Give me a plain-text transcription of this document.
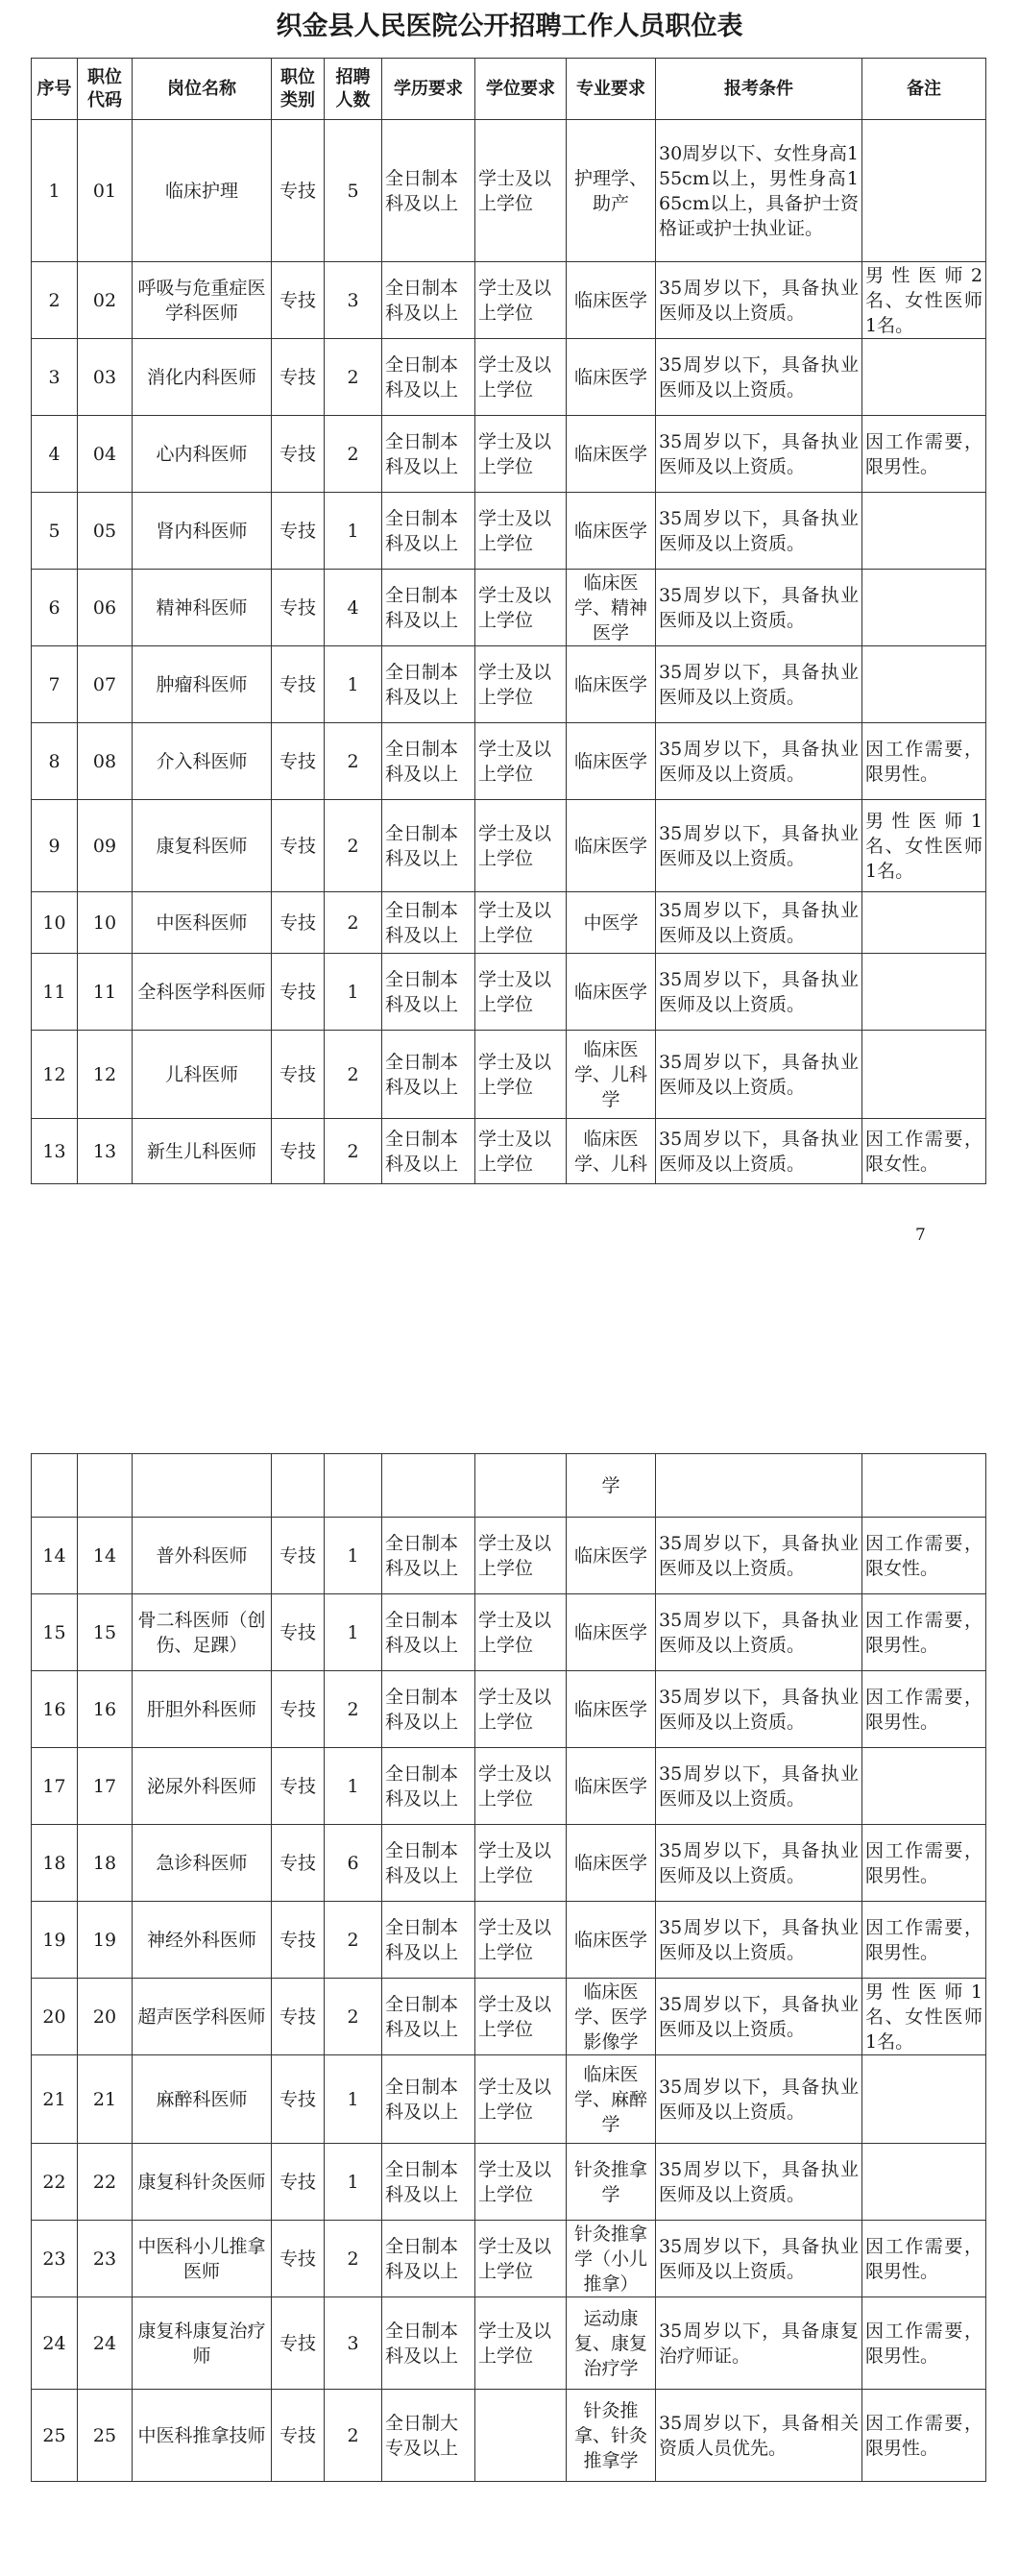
织金县人民医院公开招聘工作人员职位表
序号	职位代码	岗位名称	职位类别	招聘人数	学历要求	学位要求	专业要求	报考条件	备注
1	01	临床护理	专技	5	全日制本科及以上	学士及以上学位	护理学、助产	30周岁以下、女性身高155cm以上，男性身高165cm以上，具备护士资格证或护士执业证。	
2	02	呼吸与危重症医学科医师	专技	3	全日制本科及以上	学士及以上学位	临床医学	35周岁以下，具备执业医师及以上资质。	男性医师2名、女性医师1名。
3	03	消化内科医师	专技	2	全日制本科及以上	学士及以上学位	临床医学	35周岁以下，具备执业医师及以上资质。	
4	04	心内科医师	专技	2	全日制本科及以上	学士及以上学位	临床医学	35周岁以下，具备执业医师及以上资质。	因工作需要，限男性。
5	05	肾内科医师	专技	1	全日制本科及以上	学士及以上学位	临床医学	35周岁以下，具备执业医师及以上资质。	
6	06	精神科医师	专技	4	全日制本科及以上	学士及以上学位	临床医学、精神医学	35周岁以下，具备执业医师及以上资质。	
7	07	肿瘤科医师	专技	1	全日制本科及以上	学士及以上学位	临床医学	35周岁以下，具备执业医师及以上资质。	
8	08	介入科医师	专技	2	全日制本科及以上	学士及以上学位	临床医学	35周岁以下，具备执业医师及以上资质。	因工作需要，限男性。
9	09	康复科医师	专技	2	全日制本科及以上	学士及以上学位	临床医学	35周岁以下，具备执业医师及以上资质。	男性医师1名、女性医师1名。
10	10	中医科医师	专技	2	全日制本科及以上	学士及以上学位	中医学	35周岁以下，具备执业医师及以上资质。	
11	11	全科医学科医师	专技	1	全日制本科及以上	学士及以上学位	临床医学	35周岁以下，具备执业医师及以上资质。	
12	12	儿科医师	专技	2	全日制本科及以上	学士及以上学位	临床医学、儿科学	35周岁以下，具备执业医师及以上资质。	
13	13	新生儿科医师	专技	2	全日制本科及以上	学士及以上学位	临床医学、儿科	35周岁以下，具备执业医师及以上资质。	因工作需要，限女性。
7
							学		
14	14	普外科医师	专技	1	全日制本科及以上	学士及以上学位	临床医学	35周岁以下，具备执业医师及以上资质。	因工作需要，限女性。
15	15	骨二科医师（创伤、足踝）	专技	1	全日制本科及以上	学士及以上学位	临床医学	35周岁以下，具备执业医师及以上资质。	因工作需要，限男性。
16	16	肝胆外科医师	专技	2	全日制本科及以上	学士及以上学位	临床医学	35周岁以下，具备执业医师及以上资质。	因工作需要，限男性。
17	17	泌尿外科医师	专技	1	全日制本科及以上	学士及以上学位	临床医学	35周岁以下，具备执业医师及以上资质。	
18	18	急诊科医师	专技	6	全日制本科及以上	学士及以上学位	临床医学	35周岁以下，具备执业医师及以上资质。	因工作需要，限男性。
19	19	神经外科医师	专技	2	全日制本科及以上	学士及以上学位	临床医学	35周岁以下，具备执业医师及以上资质。	因工作需要，限男性。
20	20	超声医学科医师	专技	2	全日制本科及以上	学士及以上学位	临床医学、医学影像学	35周岁以下，具备执业医师及以上资质。	男性医师1名、女性医师1名。
21	21	麻醉科医师	专技	1	全日制本科及以上	学士及以上学位	临床医学、麻醉学	35周岁以下，具备执业医师及以上资质。	
22	22	康复科针灸医师	专技	1	全日制本科及以上	学士及以上学位	针灸推拿学	35周岁以下，具备执业医师及以上资质。	
23	23	中医科小儿推拿医师	专技	2	全日制本科及以上	学士及以上学位	针灸推拿学（小儿推拿）	35周岁以下，具备执业医师及以上资质。	因工作需要，限男性。
24	24	康复科康复治疗师	专技	3	全日制本科及以上	学士及以上学位	运动康复、康复治疗学	35周岁以下，具备康复治疗师证。	因工作需要，限男性。
25	25	中医科推拿技师	专技	2	全日制大专及以上		针灸推拿、针灸推拿学	35周岁以下，具备相关资质人员优先。	因工作需要，限男性。
